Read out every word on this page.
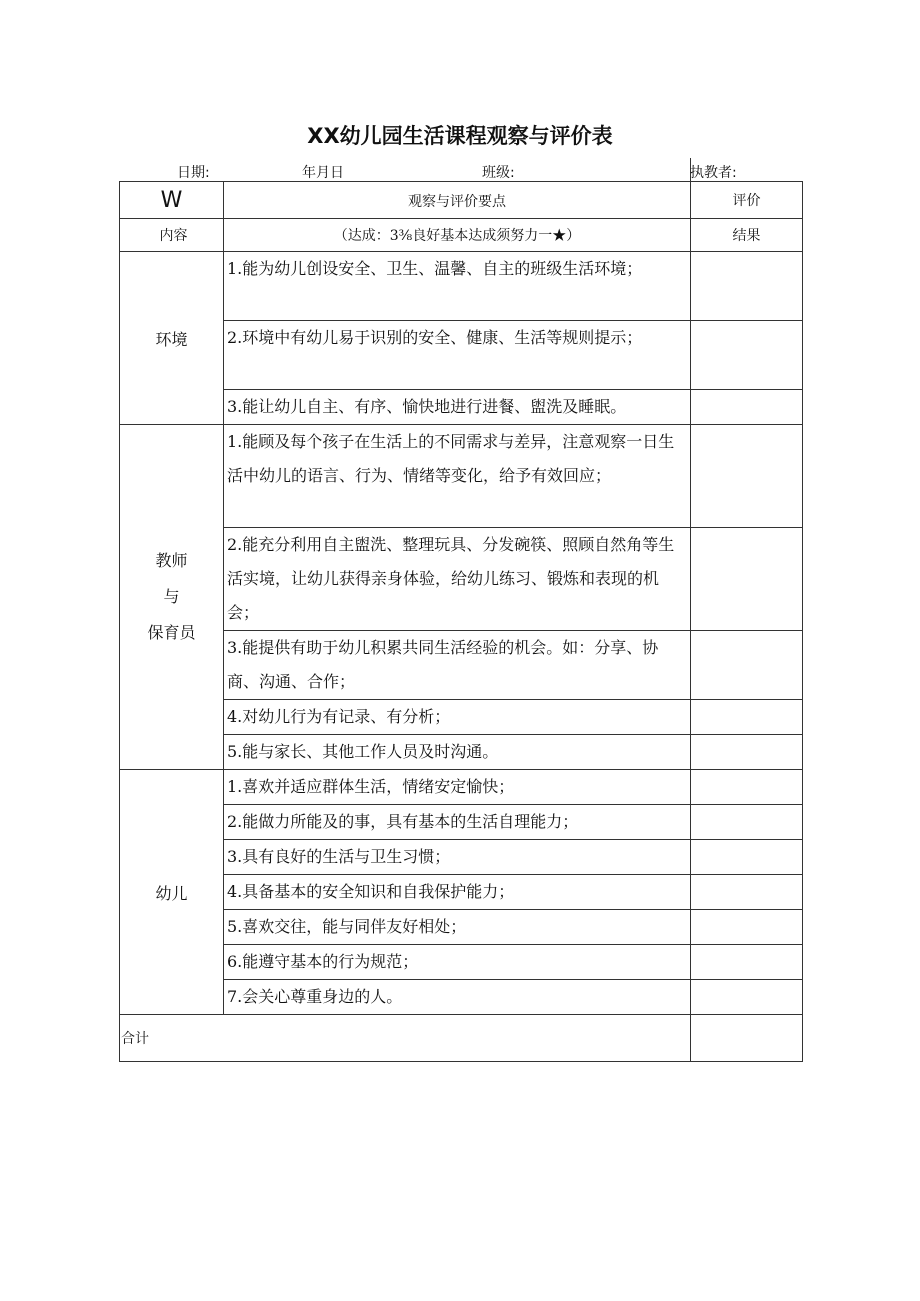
XX幼儿园生活课程观察与评价表
日期:	年月日	班级:	执教者:
W	观察与评价要点	评价
内容	（达成：3⅜良好基本达成须努力一★）	结果
环境	1.能为幼儿创设安全、卫生、温馨、自主的班级生活环境；	
	2.环境中有幼儿易于识别的安全、健康、生活等规则提示；	
	3.能让幼儿自主、有序、愉快地进行进餐、盥洗及睡眠。	

教师
与
保育员	1.能顾及每个孩子在生活上的不同需求与差异，注意观察一日生活中幼儿的语言、行为、情绪等变化，给予有效回应；	
	2.能充分利用自主盥洗、整理玩具、分发碗筷、照顾自然角等生活实境，让幼儿获得亲身体验，给幼儿练习、锻炼和表现的机会；	
	3.能提供有助于幼儿积累共同生活经验的机会。如：分享、协商、沟通、合作；	
	4.对幼儿行为有记录、有分析；	
	5.能与家长、其他工作人员及时沟通。	
幼儿	1.喜欢并适应群体生活，情绪安定愉快；	
	2.能做力所能及的事，具有基本的生活自理能力；	
	3.具有良好的生活与卫生习惯；	
	4.具备基本的安全知识和自我保护能力；	
	5.喜欢交往，能与同伴友好相处；	
	6.能遵守基本的行为规范；	
	7.会关心尊重身边的人。	
合计		
